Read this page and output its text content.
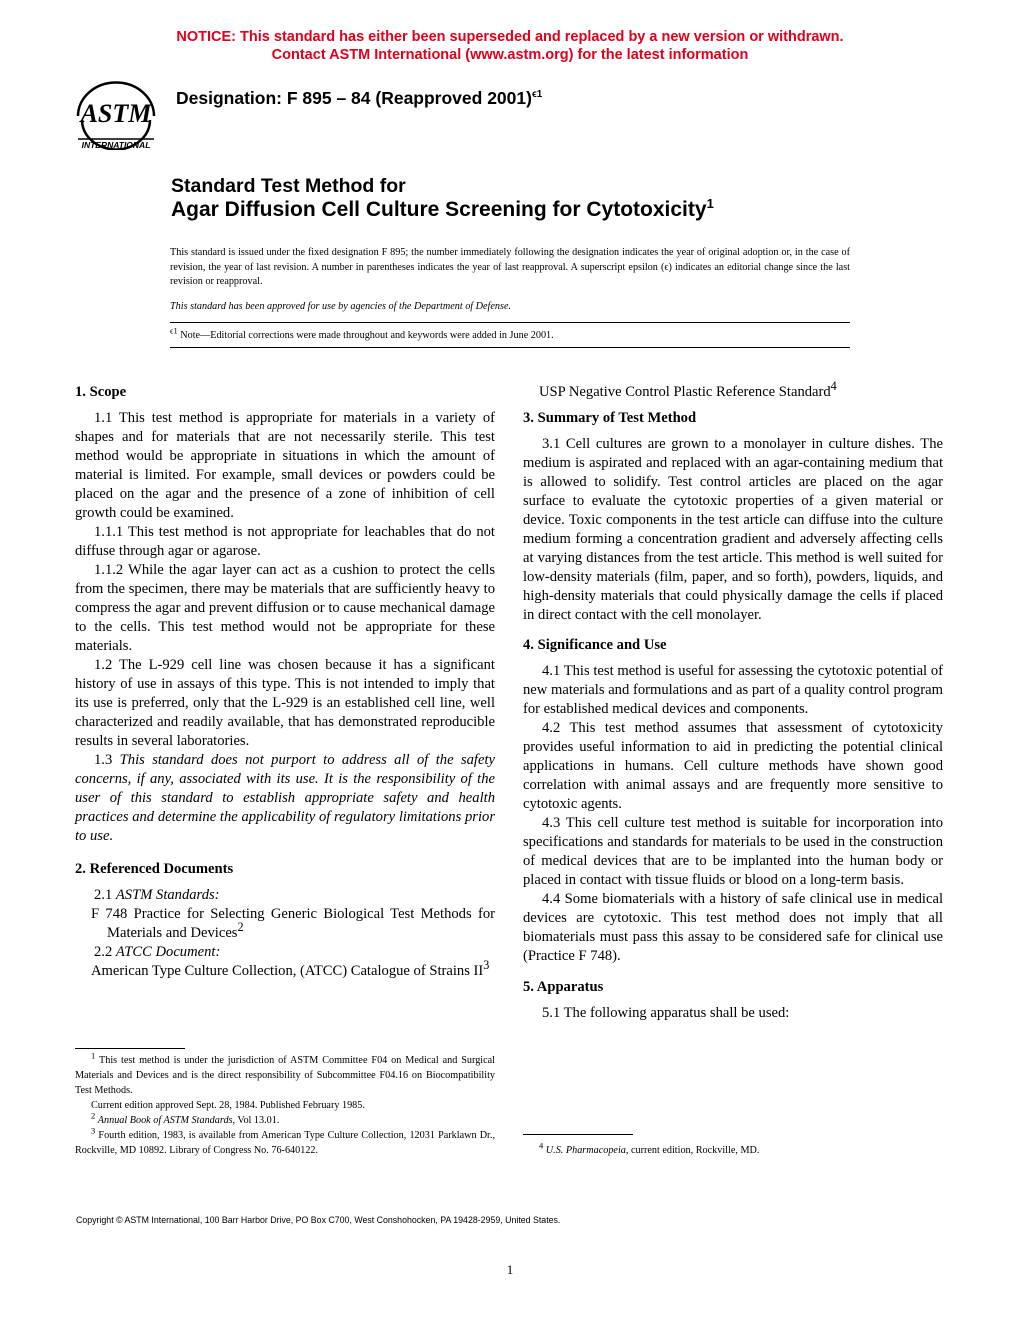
NOTICE: This standard has either been superseded and replaced by a new version or withdrawn.
Contact ASTM International (www.astm.org) for the latest information
ASTM
INTERNATIONAL
Designation: F 895 – 84 (Reapproved 2001)$^{\epsilon 1}$
Standard Test Method for
Agar Diffusion Cell Culture Screening for Cytotoxicity$^1$
This standard is issued under the fixed designation F 895; the number immediately following the designation indicates the year of original adoption or, in the case of revision, the year of last revision. A number in parentheses indicates the year of last reapproval. A superscript epsilon (ϵ) indicates an editorial change since the last revision or reapproval.
This standard has been approved for use by agencies of the Department of Defense.
$^{\epsilon 1}$ Note—Editorial corrections were made throughout and keywords were added in June 2001.
1. Scope

1.1 This test method is appropriate for materials in a variety of shapes and for materials that are not necessarily sterile. This test method would be appropriate in situations in which the amount of material is limited. For example, small devices or powders could be placed on the agar and the presence of a zone of inhibition of cell growth could be examined.

1.1.1 This test method is not appropriate for leachables that do not diffuse through agar or agarose.

1.1.2 While the agar layer can act as a cushion to protect the cells from the specimen, there may be materials that are sufficiently heavy to compress the agar and prevent diffusion or to cause mechanical damage to the cells. This test method would not be appropriate for these materials.

1.2 The L-929 cell line was chosen because it has a significant history of use in assays of this type. This is not intended to imply that its use is preferred, only that the L-929 is an established cell line, well characterized and readily available, that has demonstrated reproducible results in several laboratories.

1.3 This standard does not purport to address all of the safety concerns, if any, associated with its use. It is the responsibility of the user of this standard to establish appropriate safety and health practices and determine the applicability of regulatory limitations prior to use.

2. Referenced Documents

2.1 ASTM Standards:

F 748 Practice for Selecting Generic Biological Test Methods for Materials and Devices$^2$

2.2 ATCC Document:

American Type Culture Collection, (ATCC) Catalogue of Strains $II^3$

$^1$ This test method is under the jurisdiction of ASTM Committee F04 on Medical and Surgical Materials and Devices and is the direct responsibility of Subcommittee F04.16 on Biocompatibility Test Methods.

Current edition approved Sept. 28, 1984. Published February 1985.

$^2$ Annual Book of ASTM Standards, Vol 13.01.

$^3$ Fourth edition, 1983, is available from American Type Culture Collection, 12031 Parklawn Dr., Rockville, MD 10892. Library of Congress No. 76-640122.

USP Negative Control Plastic Reference Standard$^4$

3. Summary of Test Method

3.1 Cell cultures are grown to a monolayer in culture dishes. The medium is aspirated and replaced with an agar-containing medium that is allowed to solidify. Test control articles are placed on the agar surface to evaluate the cytotoxic properties of a given material or device. Toxic components in the test article can diffuse into the culture medium forming a concentration gradient and adversely affecting cells at varying distances from the test article. This method is well suited for low-density materials (film, paper, and so forth), powders, liquids, and high-density materials that could physically damage the cells if placed in direct contact with the cell monolayer.

4. Significance and Use

4.1 This test method is useful for assessing the cytotoxic potential of new materials and formulations and as part of a quality control program for established medical devices and components.

4.2 This test method assumes that assessment of cytotoxicity provides useful information to aid in predicting the potential clinical applications in humans. Cell culture methods have shown good correlation with animal assays and are frequently more sensitive to cytotoxic agents.

4.3 This cell culture test method is suitable for incorporation into specifications and standards for materials to be used in the construction of medical devices that are to be implanted into the human body or placed in contact with tissue fluids or blood on a long-term basis.

4.4 Some biomaterials with a history of safe clinical use in medical devices are cytotoxic. This test method does not imply that all biomaterials must pass this assay to be considered safe for clinical use (Practice F 748).

5. Apparatus

5.1 The following apparatus shall be used:

$^4$ U.S. Pharmacopeia, current edition, Rockville, MD.

Copyright © ASTM International, 100 Barr Harbor Drive, PO Box C700, West Conshohocken, PA 19428-2959, United States.
1
